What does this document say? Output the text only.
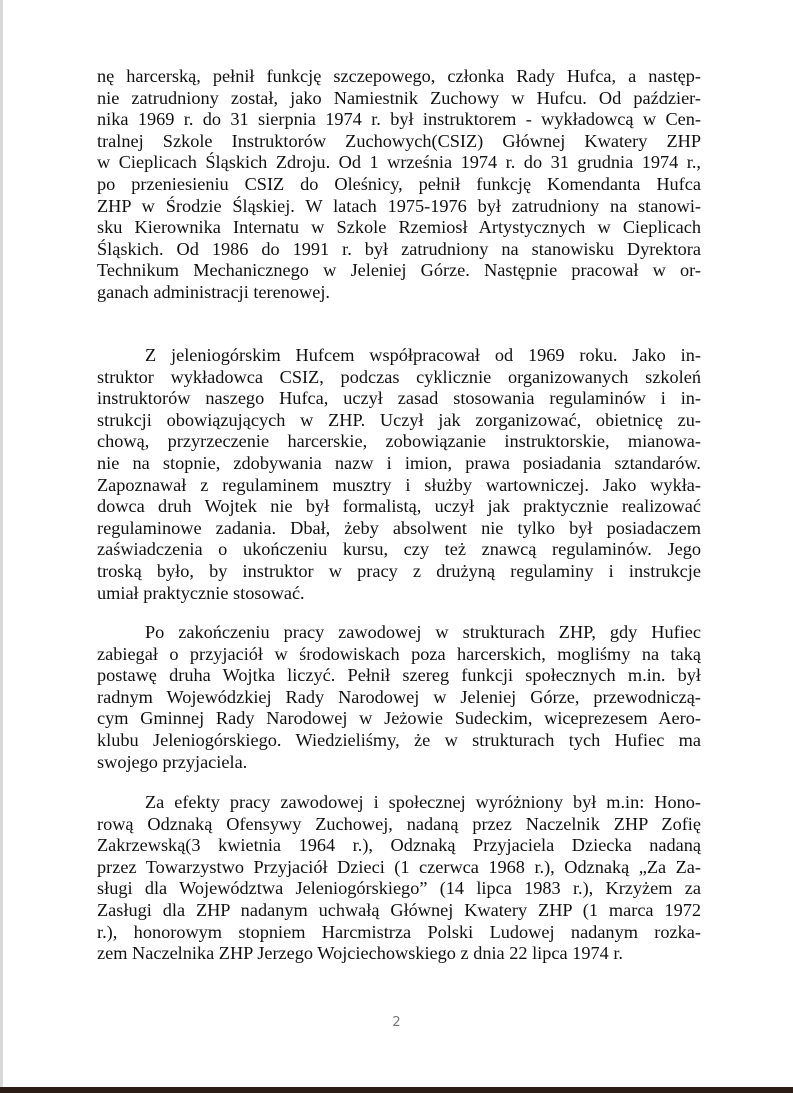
nę harcerską, pełnił funkcję szczepowego, członka Rady Hufca, a następ-
nie zatrudniony został, jako Namiestnik Zuchowy w Hufcu. Od paździer-
nika 1969 r. do 31 sierpnia 1974 r. był instruktorem - wykładowcą w Cen-
tralnej Szkole Instruktorów Zuchowych(CSIZ) Głównej Kwatery ZHP
w Cieplicach Śląskich Zdroju. Od 1 września 1974 r. do 31 grudnia 1974 r.,
po przeniesieniu CSIZ do Oleśnicy, pełnił funkcję Komendanta Hufca
ZHP w Środzie Śląskiej. W latach 1975-1976 był zatrudniony na stanowi-
sku Kierownika Internatu w Szkole Rzemiosł Artystycznych w Cieplicach
Śląskich. Od 1986 do 1991 r. był zatrudniony na stanowisku Dyrektora
Technikum Mechanicznego w Jeleniej Górze. Następnie pracował w or-
ganach administracji terenowej.
Z jeleniogórskim Hufcem współpracował od 1969 roku. Jako in-
struktor wykładowca CSIZ, podczas cyklicznie organizowanych szkoleń
instruktorów naszego Hufca, uczył zasad stosowania regulaminów i in-
strukcji obowiązujących w ZHP. Uczył jak zorganizować, obietnicę zu-
chową, przyrzeczenie harcerskie, zobowiązanie instruktorskie, mianowa-
nie na stopnie, zdobywania nazw i imion, prawa posiadania sztandarów.
Zapoznawał z regulaminem musztry i służby wartowniczej. Jako wykła-
dowca druh Wojtek nie był formalistą, uczył jak praktycznie realizować
regulaminowe zadania. Dbał, żeby absolwent nie tylko był posiadaczem
zaświadczenia o ukończeniu kursu, czy też znawcą regulaminów. Jego
troską było, by instruktor w pracy z drużyną regulaminy i instrukcje
umiał praktycznie stosować.
Po zakończeniu pracy zawodowej w strukturach ZHP, gdy Hufiec
zabiegał o przyjaciół w środowiskach poza harcerskich, mogliśmy na taką
postawę druha Wojtka liczyć. Pełnił szereg funkcji społecznych m.in. był
radnym Wojewódzkiej Rady Narodowej w Jeleniej Górze, przewodniczą-
cym Gminnej Rady Narodowej w Jeżowie Sudeckim, wiceprezesem Aero-
klubu Jeleniogórskiego. Wiedzieliśmy, że w strukturach tych Hufiec ma
swojego przyjaciela.
Za efekty pracy zawodowej i społecznej wyróżniony był m.in: Hono-
rową Odznaką Ofensywy Zuchowej, nadaną przez Naczelnik ZHP Zofię
Zakrzewską(3 kwietnia 1964 r.), Odznaką Przyjaciela Dziecka nadaną
przez Towarzystwo Przyjaciół Dzieci (1 czerwca 1968 r.), Odznaką „Za Za-
sługi dla Województwa Jeleniogórskiego” (14 lipca 1983 r.), Krzyżem za
Zasługi dla ZHP nadanym uchwałą Głównej Kwatery ZHP (1 marca 1972
r.), honorowym stopniem Harcmistrza Polski Ludowej nadanym rozka-
zem Naczelnika ZHP Jerzego Wojciechowskiego z dnia 22 lipca 1974 r.
2
